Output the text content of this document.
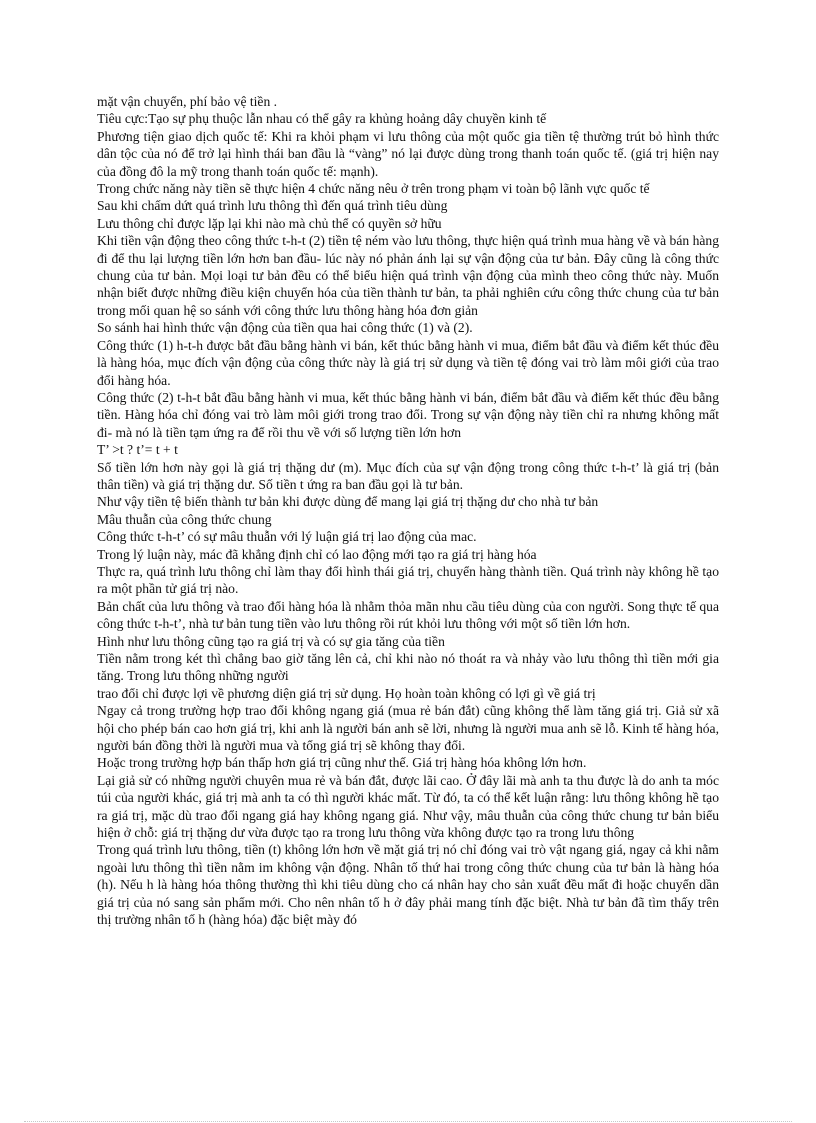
mặt vận chuyển, phí bảo vệ tiền .

Tiêu cực:Tạo sự phụ thuộc lẫn nhau có thể gây ra khủng hoảng dây chuyền kinh tế

Phương tiện giao dịch quốc tế: Khi ra khỏi phạm vi lưu thông của một quốc gia tiền tệ thường trút bỏ hình thức dân tộc của nó để trở lại hình thái ban đầu là “vàng” nó lại được dùng trong thanh toán quốc tế. (giá trị hiện nay của đồng đô la mỹ trong thanh toán quốc tế: mạnh).

Trong chức năng này tiền sẽ thực hiện 4 chức năng nêu ở trên trong phạm vi toàn bộ lãnh vực quốc tế

Sau khi chấm dứt quá trình lưu thông thì đến quá trình tiêu dùng

Lưu thông chỉ được lặp lại khi nào mà chủ thể có quyền sở hữu

Khi tiền vận động theo công thức t-h-t (2) tiền tệ ném vào lưu thông, thực hiện quá trình mua hàng về và bán hàng đi để thu lại lượng tiền lớn hơn ban đầu- lúc này nó phản ánh lại sự vận động của tư bản. Đây cũng là công thức chung của tư bản. Mọi loại tư bản đều có thể biểu hiện quá trình vận động của mình theo công thức này. Muốn nhận biết được những điều kiện chuyển hóa của tiền thành tư bản, ta phải nghiên cứu công thức chung của tư bản trong mối quan hệ so sánh với công thức lưu thông hàng hóa đơn giản

So sánh hai hình thức vận động của tiền qua hai công thức (1) và (2).

Công thức (1) h-t-h được bắt đầu bằng hành vi bán, kết thúc bằng hành vi mua, điểm bắt đầu và điểm kết thúc đều là hàng hóa, mục đích vận động của công thức này là giá trị sử dụng và tiền tệ đóng vai trò làm môi giới của trao đổi hàng hóa.

Công thức (2) t-h-t bắt đầu bằng hành vi mua, kết thúc bằng hành vi bán, điểm bắt đầu và điểm kết thúc đều bằng tiền. Hàng hóa chỉ đóng vai trò làm môi giới trong trao đổi. Trong sự vận động này tiền chỉ ra nhưng không mất đi- mà nó là tiền tạm ứng ra để rồi thu về với số lượng tiền lớn hơn

T’ >t ? t’= t + t

Số tiền lớn hơn này gọi là giá trị thặng dư (m). Mục đích của sự vận động trong công thức t-h-t’ là giá trị (bản thân tiền) và giá trị thặng dư. Số tiền t ứng ra ban đầu gọi là tư bản.

Như vậy tiền tệ biến thành tư bản khi được dùng để mang lại giá trị thặng dư cho nhà tư bản

Mâu thuẫn của công thức chung

Công thức t-h-t’ có sự mâu thuẫn với lý luận giá trị lao động của mac.

Trong lý luận này, mác đã khẳng định chỉ có lao động mới tạo ra giá trị hàng hóa

Thực ra, quá trình lưu thông chỉ làm thay đổi hình thái giá trị, chuyển hàng thành tiền. Quá trình này không hề tạo ra một phần tử giá trị nào.

Bản chất của lưu thông và trao đổi hàng hóa là nhằm thỏa mãn nhu cầu tiêu dùng của con người. Song thực tế qua công thức t-h-t’, nhà tư bản tung tiền vào lưu thông rồi rút khỏi lưu thông với một số tiền lớn hơn.

Hình như lưu thông cũng tạo ra giá trị và có sự gia tăng của tiền

Tiền nằm trong két thì chẳng bao giờ tăng lên cả, chỉ khi nào nó thoát ra và nhảy vào lưu thông thì tiền mới gia tăng. Trong lưu thông những người

trao đổi chỉ được lợi về phương diện giá trị sử dụng. Họ hoàn toàn không có lợi gì về giá trị

Ngay cả trong trường hợp trao đổi không ngang giá (mua rẻ bán đắt) cũng không thể làm tăng giá trị. Giả sử xã hội cho phép bán cao hơn giá trị, khi anh là người bán anh sẽ lời, nhưng là người mua anh sẽ lỗ. Kinh tế hàng hóa, người bán đồng thời là người mua và tổng giá trị sẽ không thay đổi.

Hoặc trong trường hợp bán thấp hơn giá trị cũng như thế. Giá trị hàng hóa không lớn hơn.

Lại giả sử có những người chuyên mua rẻ và bán đắt, được lãi cao. Ở đây lãi mà anh ta thu được là do anh ta móc túi của người khác, giá trị mà anh ta có thì người khác mất. Từ đó, ta có thể kết luận rằng: lưu thông không hề tạo ra giá trị, mặc dù trao đổi ngang giá hay không ngang giá. Như vậy, mâu thuẫn của công thức chung tư bản biểu hiện ở chỗ: giá trị thặng dư vừa được tạo ra trong lưu thông vừa không được tạo ra trong lưu thông

Trong quá trình lưu thông, tiền (t) không lớn hơn về mặt giá trị nó chỉ đóng vai trò vật ngang giá, ngay cả khi nằm ngoài lưu thông thì tiền nằm im không vận động. Nhân tố thứ hai trong công thức chung của tư bản là hàng hóa (h). Nếu h là hàng hóa thông thường thì khi tiêu dùng cho cá nhân hay cho sản xuất đều mất đi hoặc chuyển dần giá trị của nó sang sản phẩm mới. Cho nên nhân tố h ở đây phải mang tính đặc biệt. Nhà tư bản đã tìm thấy trên thị trường nhân tố h (hàng hóa) đặc biệt mày đó
